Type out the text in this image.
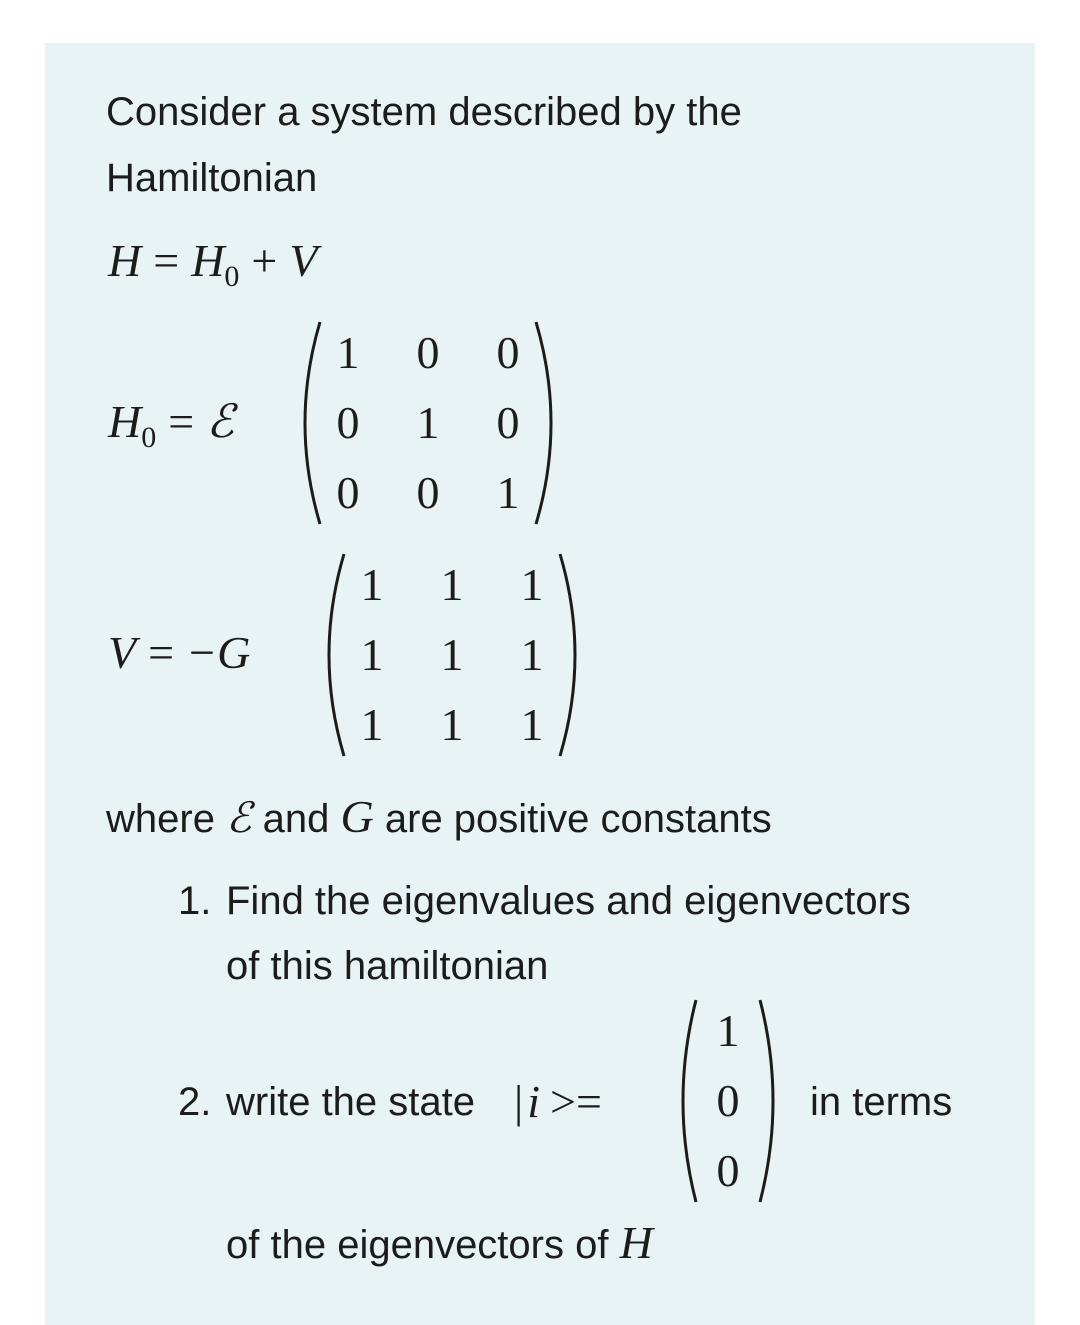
Consider a system described by the
Hamiltonian
$H = H_0 + V$
$H_0$ = ℰ
1	0	0
0	1	0
0	0	1
V = −G
1	1	1
1	1	1
1	1	1
where ℰ and G are positive constants
1. Find the eigenvalues and eigenvectors
of this hamiltonian
2. write the state |i >=
1
0
0
in terms
of the eigenvectors of H
